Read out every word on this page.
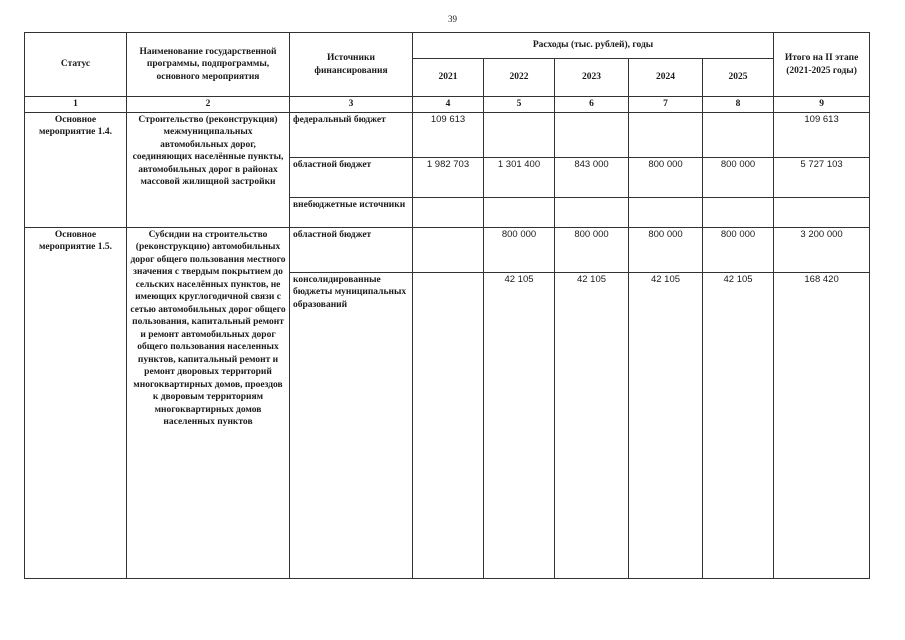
39
Статус	Наименование государственной программы, подпрограммы, основного мероприятия	Источники финансирования	Расходы (тыс. рублей), годы					Итого на II этапе (2021-2025 годы)
			2021	2022	2023	2024	2025	
1	2	3	4	5	6	7	8	9
Основное мероприятие 1.4.	Строительство (реконструкция) межмуниципальных автомобильных дорог, соединяющих населённые пункты, автомобильных дорог в районах массовой жилищной застройки	федеральный бюджет	109 613					109 613
		областной бюджет	1 982 703	1 301 400	843 000	800 000	800 000	5 727 103
		внебюджетные источники						
Основное мероприятие 1.5.	Субсидии на строительство (реконструкцию) автомобильных дорог общего пользования местного значения с твердым покрытием до сельских населённых пунктов, не имеющих круглогодичной связи с сетью автомобильных дорог общего пользования, капитальный ремонт и ремонт автомобильных дорог общего пользования населенных пунктов, капитальный ремонт и ремонт дворовых территорий многоквартирных домов, проездов к дворовым территориям многоквартирных домов населенных пунктов	областной бюджет		800 000	800 000	800 000	800 000	3 200 000
		консолидированные бюджеты муниципальных образований		42 105	42 105	42 105	42 105	168 420
